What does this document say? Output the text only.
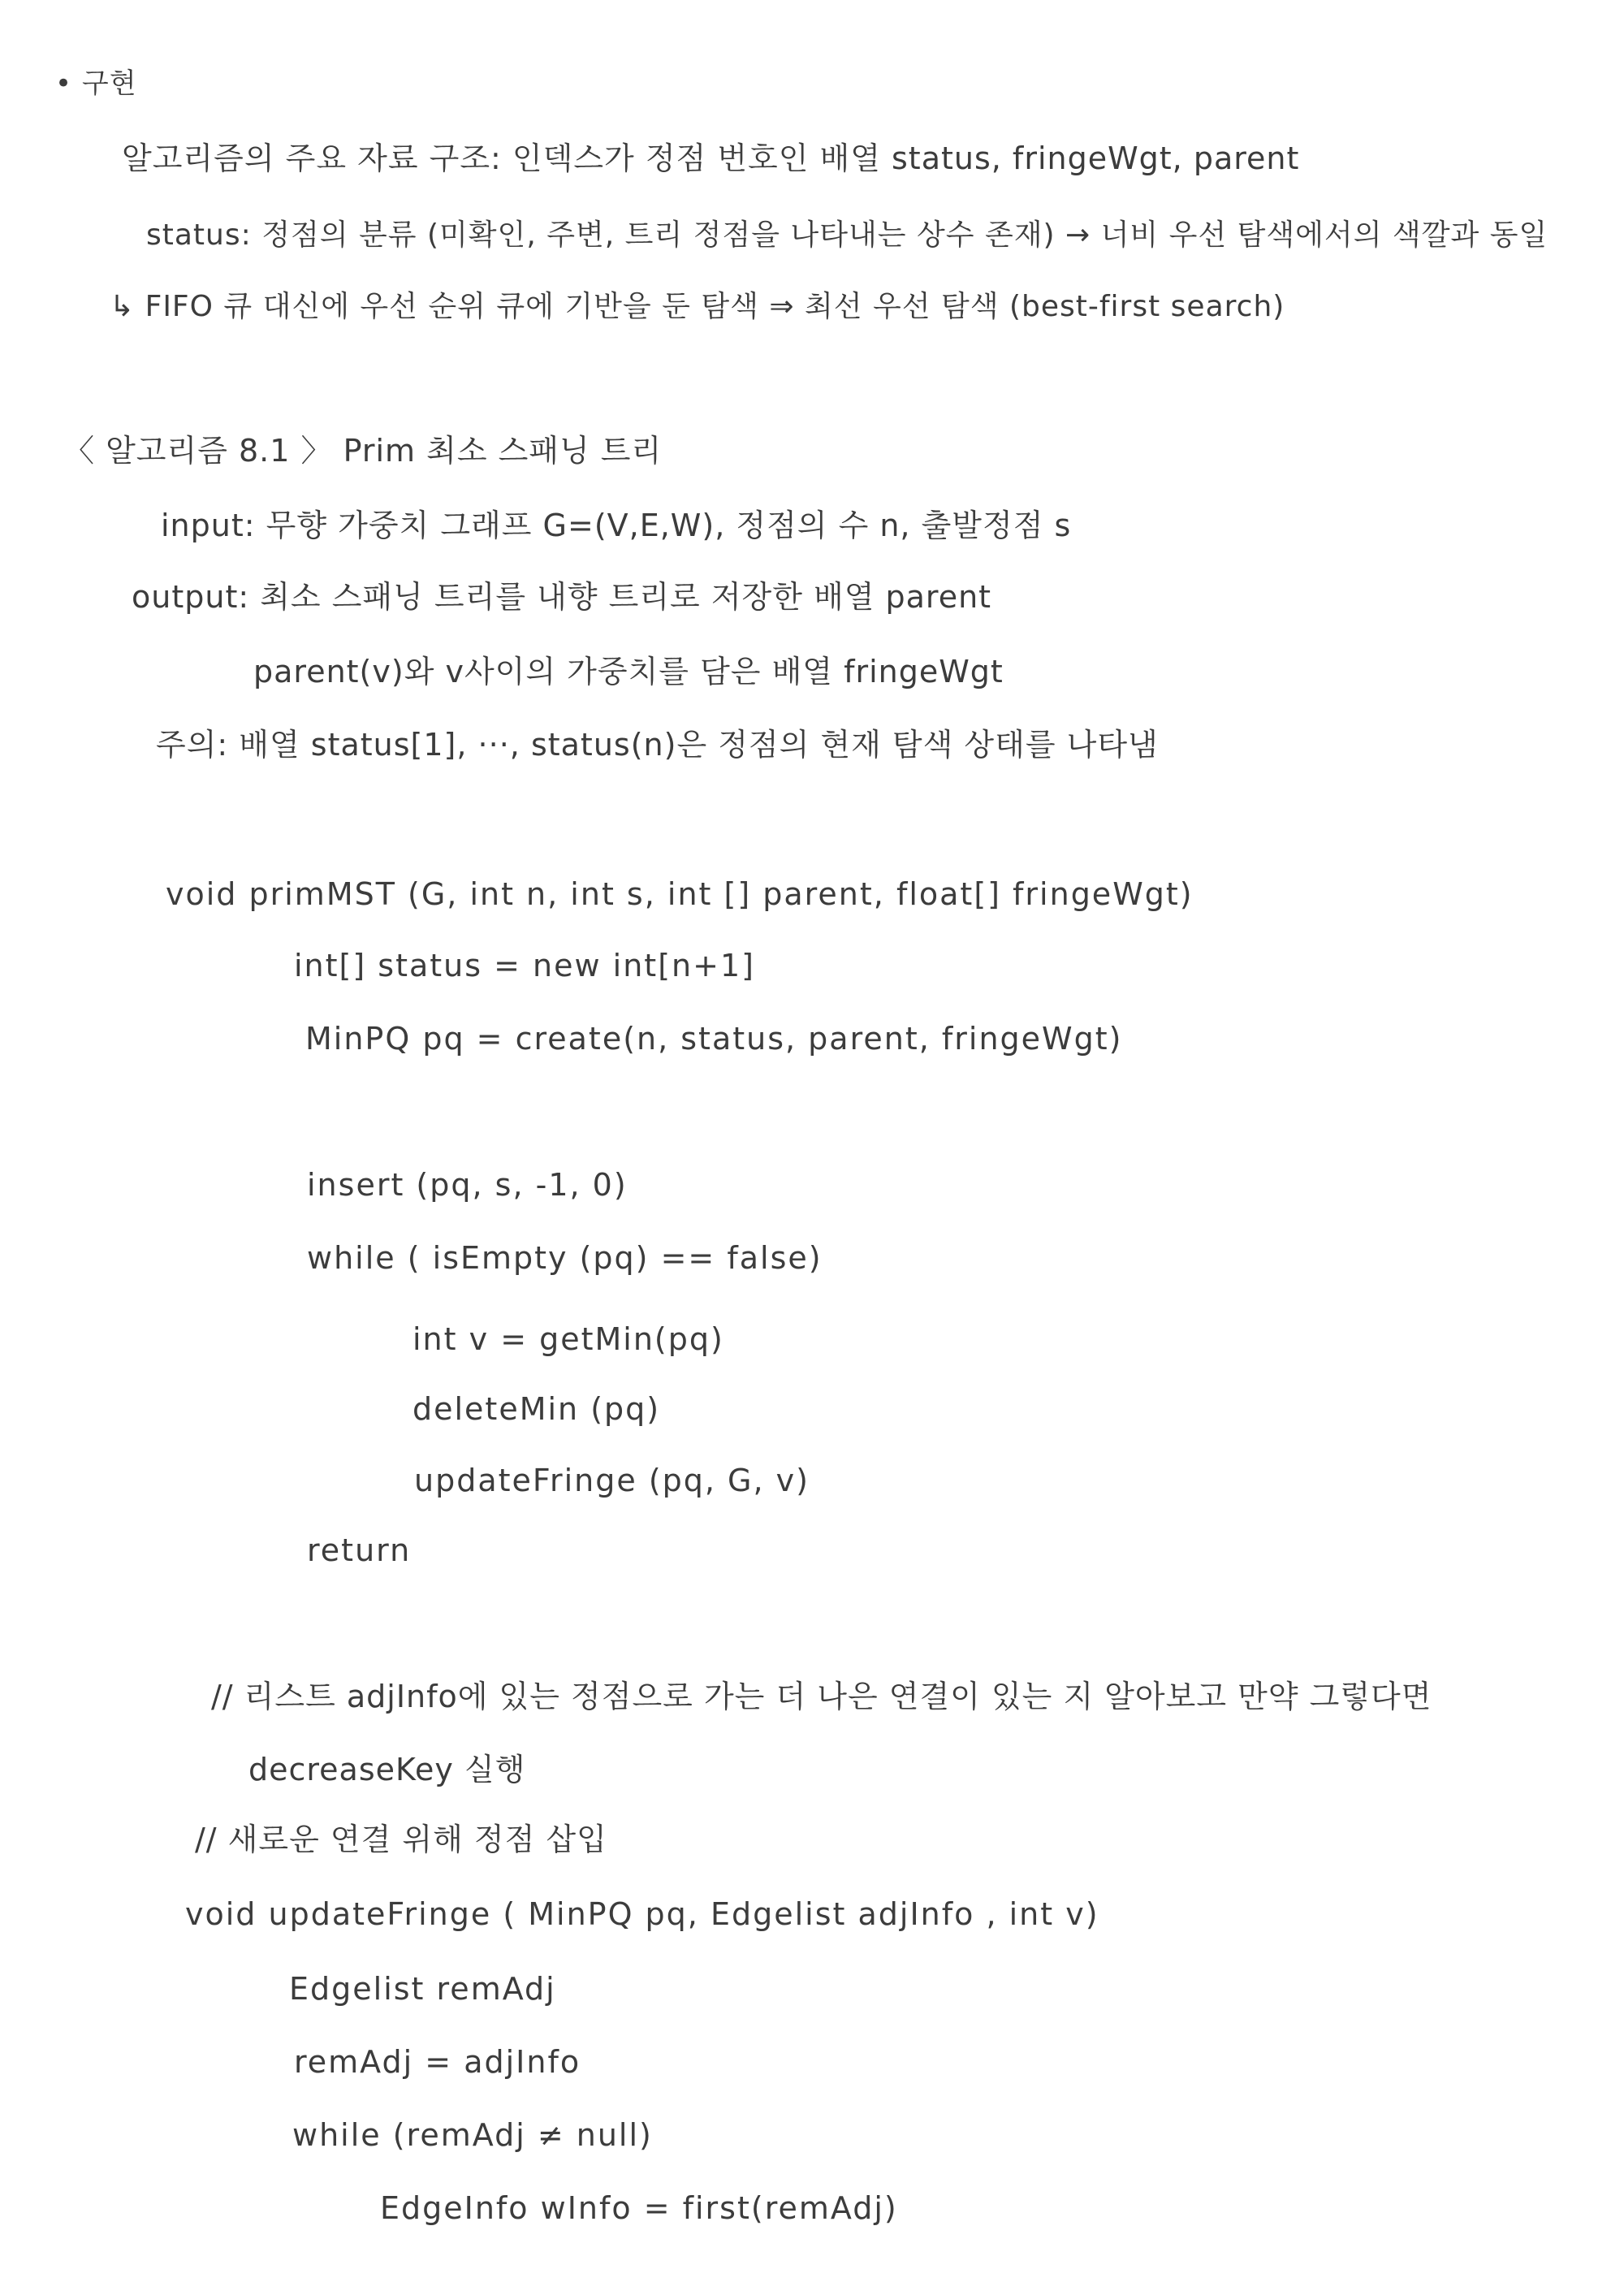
• 구현
알고리즘의 주요 자료 구조: 인덱스가 정점 번호인 배열 status, fringeWgt, parent
status: 정점의 분류 (미확인, 주변, 트리 정점을 나타내는 상수 존재) → 너비 우선 탐색에서의 색깔과 동일
↳ FIFO 큐 대신에 우선 순위 큐에 기반을 둔 탐색 ⇒ 최선 우선 탐색 (best-first search)
〈 알고리즘 8.1 〉 Prim 최소 스패닝 트리
input: 무향 가중치 그래프 G=(V,E,W), 정점의 수 n, 출발정점 s
output: 최소 스패닝 트리를 내향 트리로 저장한 배열 parent
parent(v)와 v사이의 가중치를 담은 배열 fringeWgt
주의: 배열 status[1], ···, status(n)은 정점의 현재 탐색 상태를 나타냄
void primMST (G, int n, int s, int [] parent, float[] fringeWgt)
int[] status = new int[n+1]
MinPQ pq = create(n, status, parent, fringeWgt)
insert (pq, s, -1, 0)
while ( isEmpty (pq) == false)
int v = getMin(pq)
deleteMin (pq)
updateFringe (pq, G, v)
return
// 리스트 adjInfo에 있는 정점으로 가는 더 나은 연결이 있는 지 알아보고 만약 그렇다면
decreaseKey 실행
// 새로운 연결 위해 정점 삽입
void updateFringe ( MinPQ pq, Edgelist adjInfo , int v)
Edgelist remAdj
remAdj = adjInfo
while (remAdj ≠ null)
EdgeInfo wInfo = first(remAdj)
